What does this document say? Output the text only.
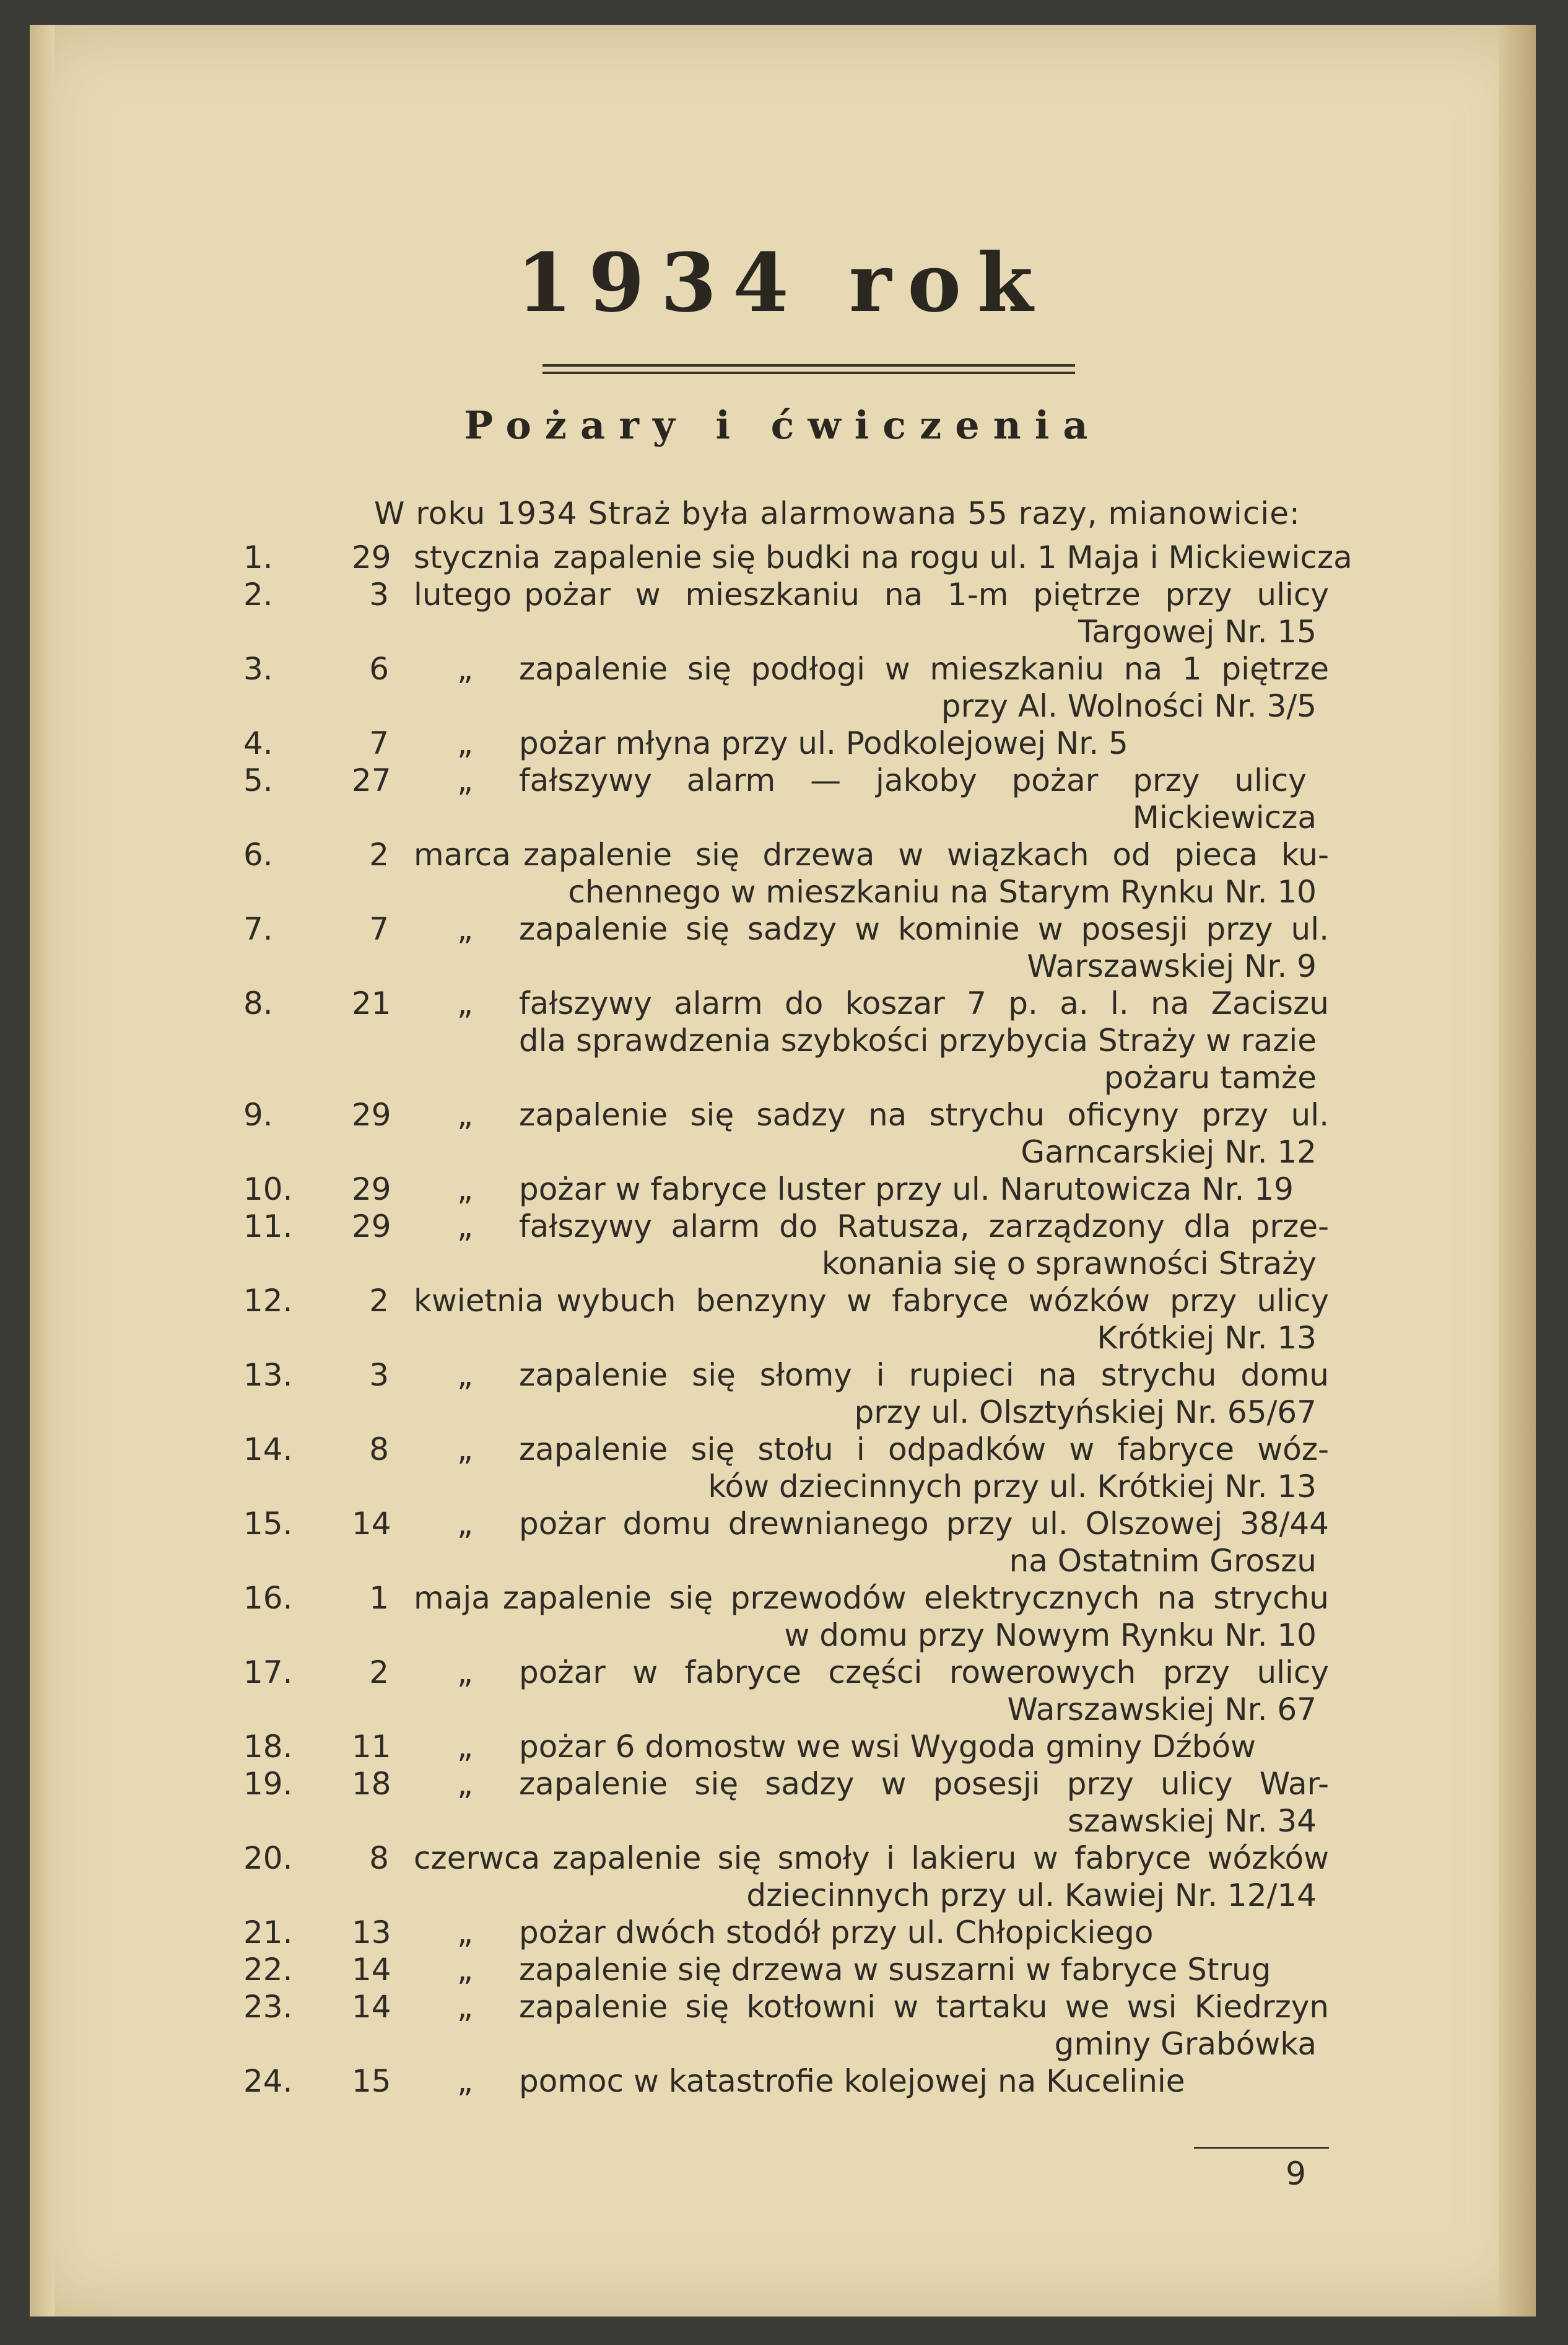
1934 rok
Pożary i ćwiczenia
W roku 1934 Straż była alarmowana 55 razy, mianowicie:
1.	29 stycznia zapalenie się budki na rogu ul. 1 Maja i Mickiewicza
2.	3 lutego pożar w mieszkaniu na 1-m piętrze przy ulicy
Targowej Nr. 15
3.	6 „ zapalenie się podłogi w mieszkaniu na 1 piętrze
przy Al. Wolności Nr. 3/5
4.	7 „ pożar młyna przy ul. Podkolejowej Nr. 5
5.	27 „ fałszywy alarm — jakoby pożar przy ulicy
Mickiewicza
6.	2 marca zapalenie się drzewa w wiązkach od pieca ku-
chennego w mieszkaniu na Starym Rynku Nr. 10
7.	7 „ zapalenie się sadzy w kominie w posesji przy ul.
Warszawskiej Nr. 9
8.	21 „ fałszywy alarm do koszar 7 p. a. l. na Zaciszu
dla sprawdzenia szybkości przybycia Straży w razie
pożaru tamże
9.	29 „ zapalenie się sadzy na strychu oficyny przy ul.
Garncarskiej Nr. 12
10. 29 „ pożar w fabryce luster przy ul. Narutowicza Nr. 19
11. 29 „ fałszywy alarm do Ratusza, zarządzony dla prze-
konania się o sprawności Straży
12.	2 kwietnia wybuch benzyny w fabryce wózków przy ulicy
Krótkiej Nr. 13
13.	3 „ zapalenie się słomy i rupieci na strychu domu
przy ul. Olsztyńskiej Nr. 65/67
14.	8 „ zapalenie się stołu i odpadków w fabryce wóz-
ków dziecinnych przy ul. Krótkiej Nr. 13
15. 14 „ pożar domu drewnianego przy ul. Olszowej 38/44
na Ostatnim Groszu
16.	1 maja zapalenie się przewodów elektrycznych na strychu
w domu przy Nowym Rynku Nr. 10
17.	2 „ pożar w fabryce części rowerowych przy ulicy
Warszawskiej Nr. 67
18. 11 „ pożar 6 domostw we wsi Wygoda gminy Dźbów
19. 18 „ zapalenie się sadzy w posesji przy ulicy War-
szawskiej Nr. 34
20.	8 czerwca zapalenie się smoły i lakieru w fabryce wózków
dziecinnych przy ul. Kawiej Nr. 12/14
21. 13 „ pożar dwóch stodół przy ul. Chłopickiego
22. 14 „ zapalenie się drzewa w suszarni w fabryce Strug
23. 14 „ zapalenie się kotłowni w tartaku we wsi Kiedrzyn
gminy Grabówka
24. 15 „ pomoc w katastrofie kolejowej na Kucelinie
9
